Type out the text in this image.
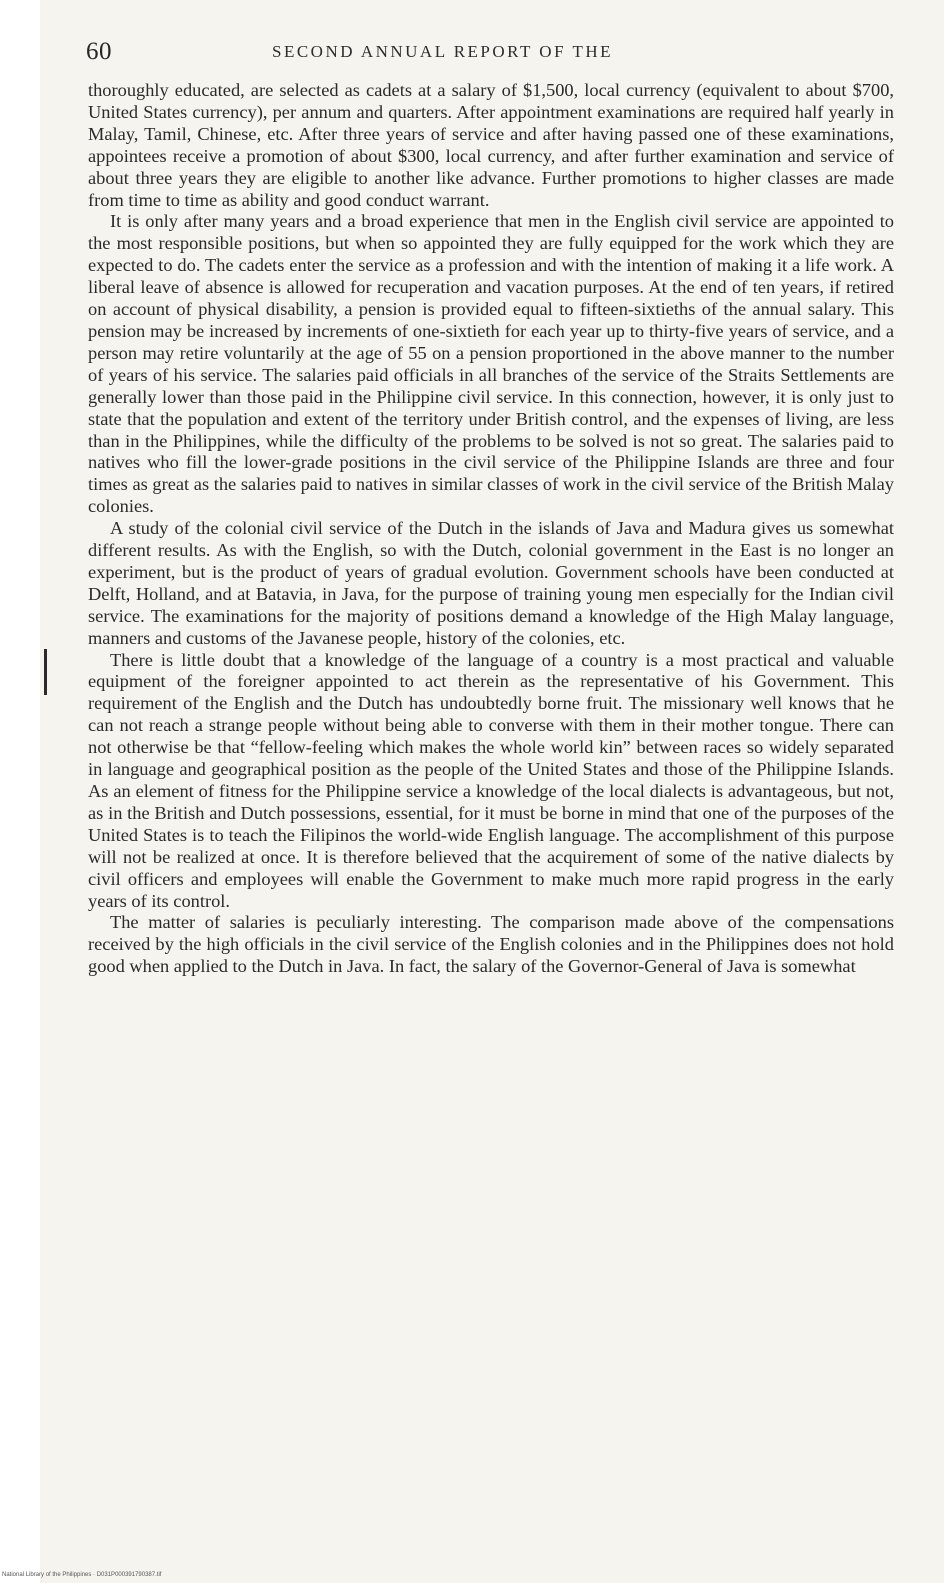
60	SECOND ANNUAL REPORT OF THE

thoroughly educated, are selected as cadets at a salary of $1,500, local currency (equivalent to about $700, United States currency), per annum and quarters. After appointment examinations are required half yearly in Malay, Tamil, Chinese, etc. After three years of service and after having passed one of these examinations, appointees receive a promotion of about $300, local currency, and after further examination and service of about three years they are eligible to another like advance. Further promotions to higher classes are made from time to time as ability and good conduct warrant.

It is only after many years and a broad experience that men in the English civil service are appointed to the most responsible positions, but when so appointed they are fully equipped for the work which they are expected to do. The cadets enter the service as a profession and with the intention of making it a life work. A liberal leave of absence is allowed for recuperation and vacation purposes. At the end of ten years, if retired on account of physical disability, a pension is provided equal to fifteen-sixtieths of the annual salary. This pension may be increased by increments of one-sixtieth for each year up to thirty-five years of service, and a person may retire voluntarily at the age of 55 on a pension proportioned in the above manner to the number of years of his service. The salaries paid officials in all branches of the service of the Straits Settlements are generally lower than those paid in the Philippine civil service. In this connection, however, it is only just to state that the population and extent of the territory under British control, and the expenses of living, are less than in the Philippines, while the difficulty of the problems to be solved is not so great. The salaries paid to natives who fill the lower-grade positions in the civil service of the Philippine Islands are three and four times as great as the salaries paid to natives in similar classes of work in the civil service of the British Malay colonies.

A study of the colonial civil service of the Dutch in the islands of Java and Madura gives us somewhat different results. As with the English, so with the Dutch, colonial government in the East is no longer an experiment, but is the product of years of gradual evolution. Government schools have been conducted at Delft, Holland, and at Batavia, in Java, for the purpose of training young men especially for the Indian civil service. The examinations for the majority of positions demand a knowledge of the High Malay language, manners and customs of the Javanese people, history of the colonies, etc.

There is little doubt that a knowledge of the language of a country is a most practical and valuable equipment of the foreigner appointed to act therein as the representative of his Government. This requirement of the English and the Dutch has undoubtedly borne fruit. The missionary well knows that he can not reach a strange people without being able to converse with them in their mother tongue. There can not otherwise be that “fellow-feeling which makes the whole world kin” between races so widely separated in language and geographical position as the people of the United States and those of the Philippine Islands. As an element of fitness for the Philippine service a knowledge of the local dialects is advantageous, but not, as in the British and Dutch possessions, essential, for it must be borne in mind that one of the purposes of the United States is to teach the Filipinos the world-wide English language. The accomplishment of this purpose will not be realized at once. It is therefore believed that the acquirement of some of the native dialects by civil officers and employees will enable the Government to make much more rapid progress in the early years of its control.

The matter of salaries is peculiarly interesting. The comparison made above of the compensations received by the high officials in the civil service of the English colonies and in the Philippines does not hold good when applied to the Dutch in Java. In fact, the salary of the Governor-General of Java is somewhat

National Library of the Philippines · D031P000391790387.tif
